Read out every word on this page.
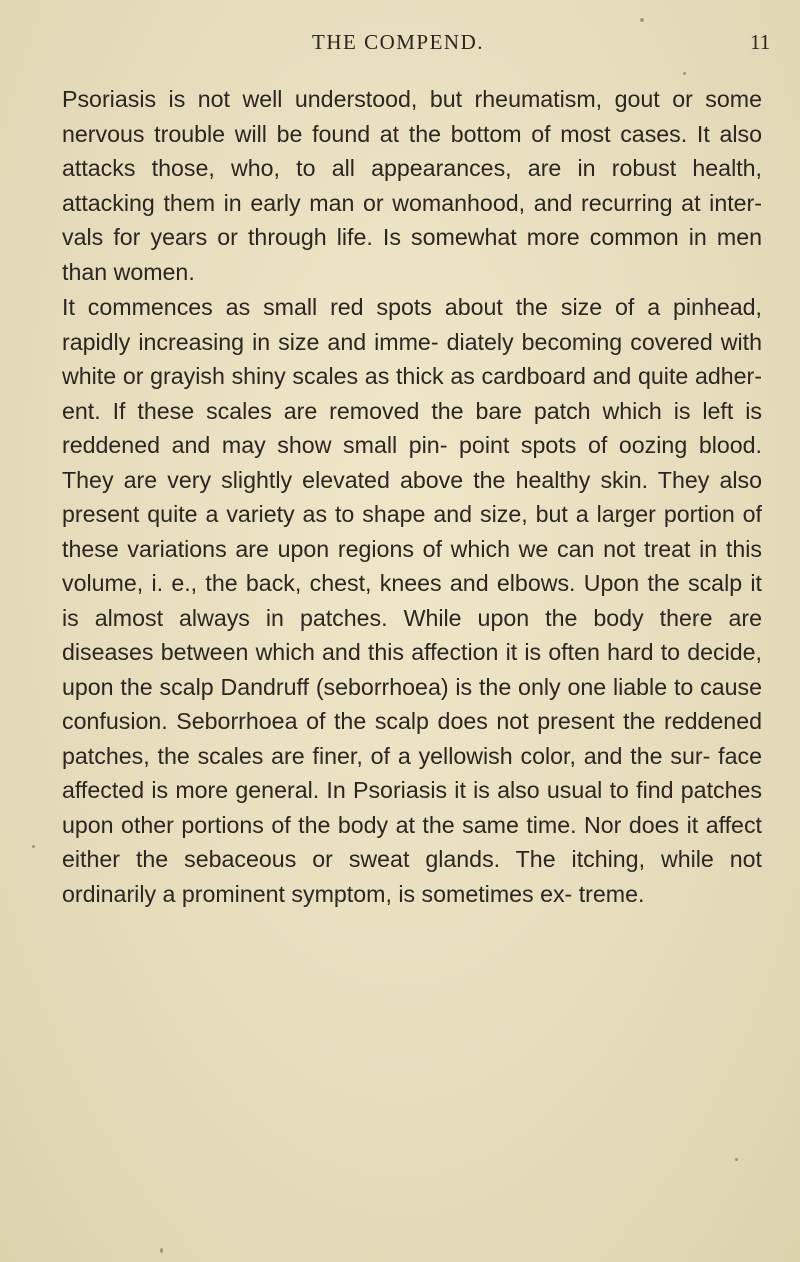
THE COMPEND.	11

Psoriasis is not well understood, but rheumatism, gout or some nervous trouble will be found at the bottom of most cases. It also attacks those, who, to all appearances, are in robust health, attacking them in early man or womanhood, and recurring at inter- vals for years or through life. Is somewhat more common in men than women.

It commences as small red spots about the size of a pinhead, rapidly increasing in size and imme- diately becoming covered with white or grayish shiny scales as thick as cardboard and quite adher- ent. If these scales are removed the bare patch which is left is reddened and may show small pin- point spots of oozing blood. They are very slightly elevated above the healthy skin. They also present quite a variety as to shape and size, but a larger portion of these variations are upon regions of which we can not treat in this volume, i. e., the back, chest, knees and elbows. Upon the scalp it is almost always in patches. While upon the body there are diseases between which and this affection it is often hard to decide, upon the scalp Dandruff (seborrhoea) is the only one liable to cause confusion. Seborrhoea of the scalp does not present the reddened patches, the scales are finer, of a yellowish color, and the sur- face affected is more general. In Psoriasis it is also usual to find patches upon other portions of the body at the same time. Nor does it affect either the sebaceous or sweat glands. The itching, while not ordinarily a prominent symptom, is sometimes ex- treme.
